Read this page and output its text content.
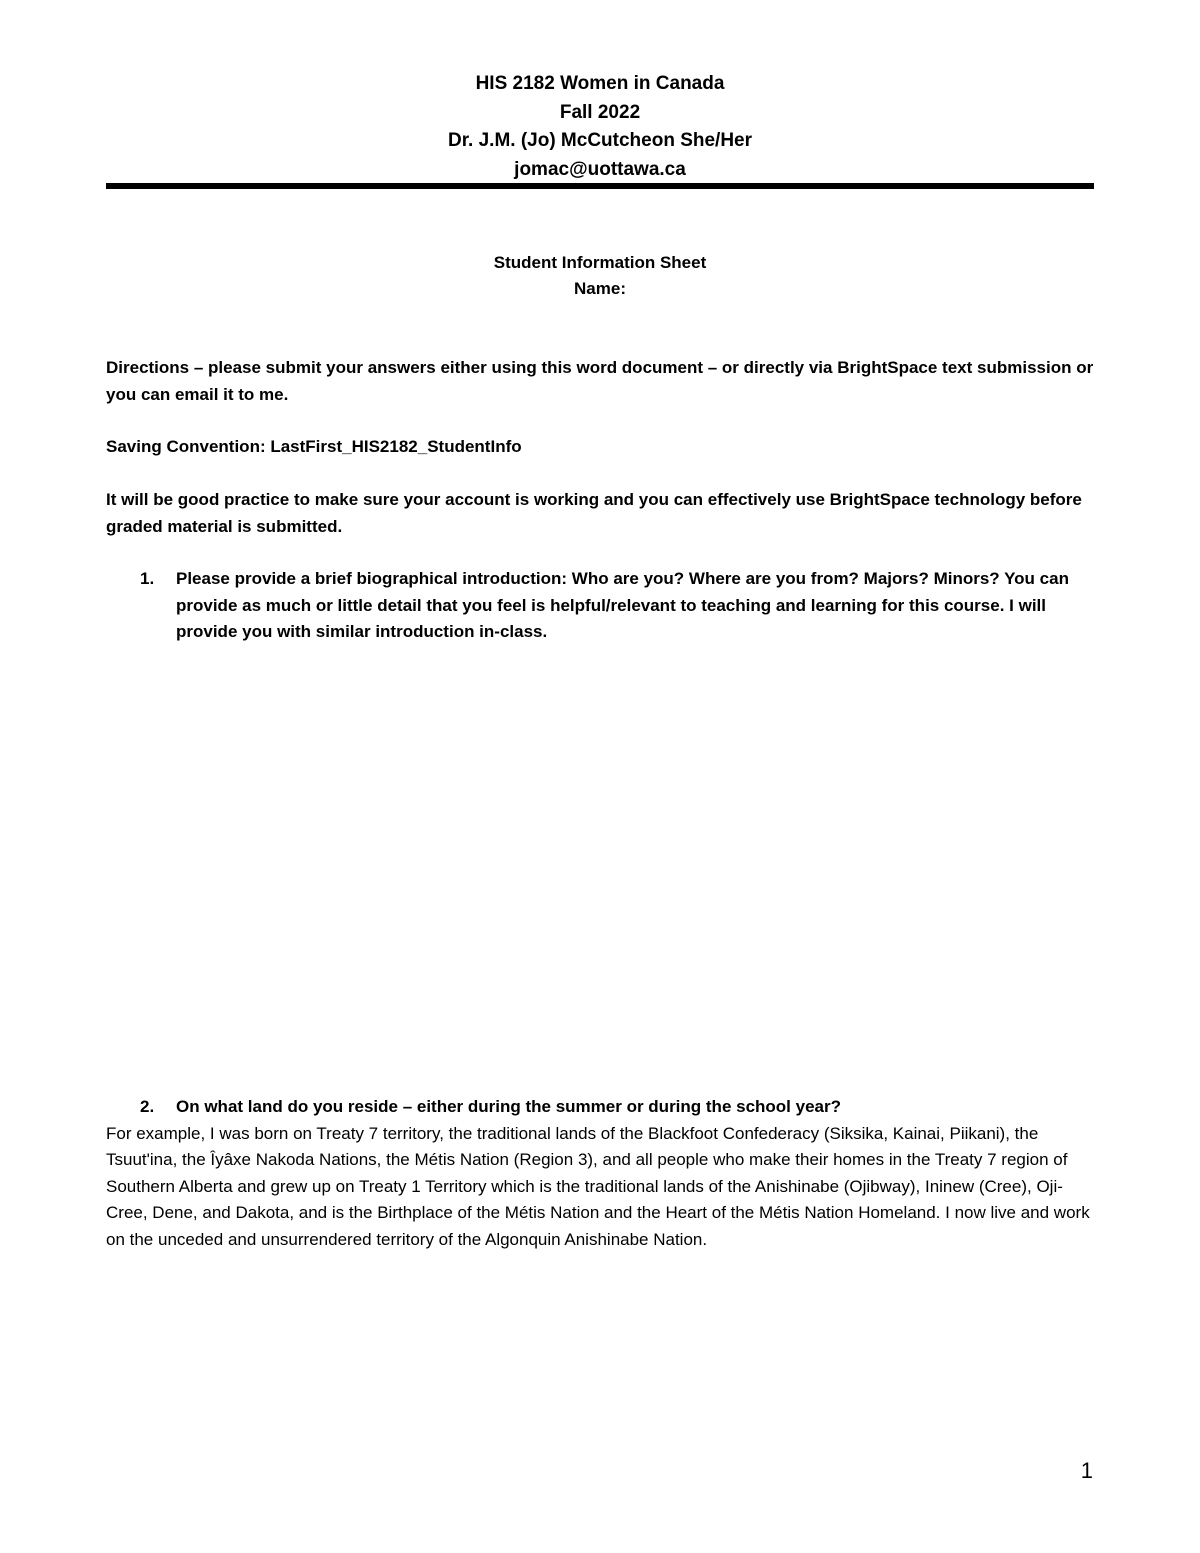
HIS 2182 Women in Canada
Fall 2022
Dr. J.M. (Jo) McCutcheon She/Her
jomac@uottawa.ca
Student Information Sheet
Name:
Directions – please submit your answers either using this word document – or directly via BrightSpace text submission or you can email it to me.
Saving Convention: LastFirst_HIS2182_StudentInfo
It will be good practice to make sure your account is working and you can effectively use BrightSpace technology before graded material is submitted.
1.	Please provide a brief biographical introduction: Who are you? Where are you from? Majors? Minors? You can provide as much or little detail that you feel is helpful/relevant to teaching and learning for this course. I will provide you with similar introduction in-class.
2.	On what land do you reside – either during the summer or during the school year?
For example, I was born on Treaty 7 territory, the traditional lands of the Blackfoot Confederacy (Siksika, Kainai, Piikani), the Tsuut'ina, the Îyâxe Nakoda Nations, the Métis Nation (Region 3), and all people who make their homes in the Treaty 7 region of Southern Alberta and grew up on Treaty 1 Territory which is the traditional lands of the Anishinabe (Ojibway), Ininew (Cree), Oji-Cree, Dene, and Dakota, and is the Birthplace of the Métis Nation and the Heart of the Métis Nation Homeland. I now live and work on the unceded and unsurrendered territory of the Algonquin Anishinabe Nation.
1
